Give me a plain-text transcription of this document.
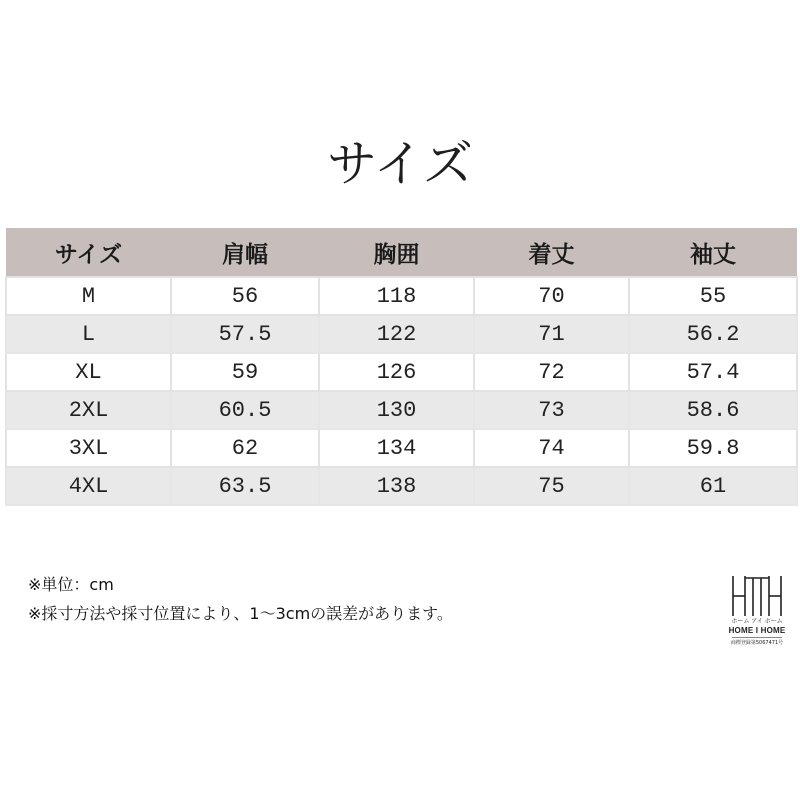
サイズ
サイズ	肩幅	胸囲	着丈	袖丈
M	56	118	70	55
L	57.5	122	71	56.2
XL	59	126	72	57.4
2XL	60.5	130	73	58.6
3XL	62	134	74	59.8
4XL	63.5	138	75	61
※単位：cm
※採寸方法や採寸位置により、1～3cmの誤差があります。	ホーム アイ ホーム
HOME I HOME
商標登録第5067471号
